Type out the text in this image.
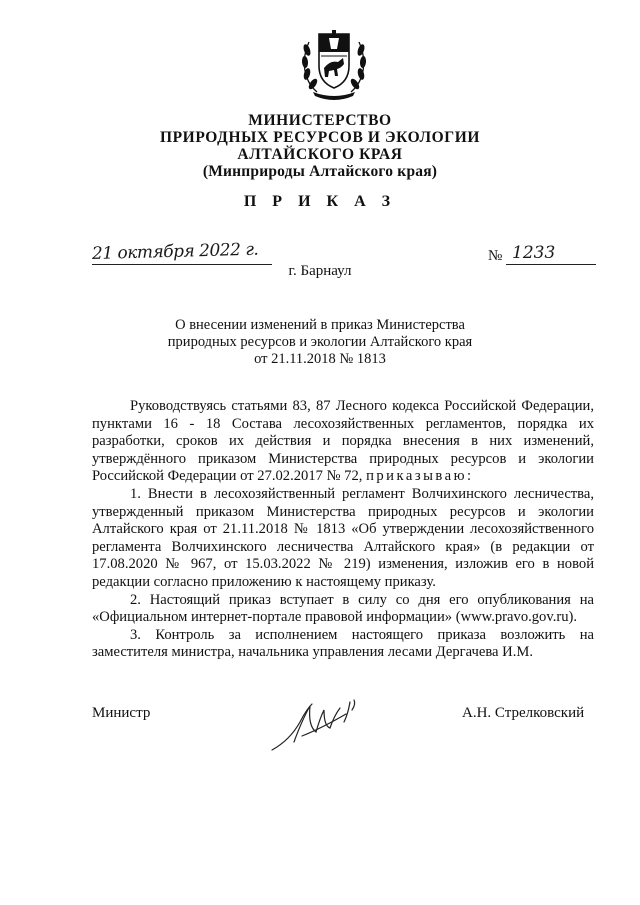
МИНИСТЕРСТВО
ПРИРОДНЫХ РЕСУРСОВ И ЭКОЛОГИИ
АЛТАЙСКОГО КРАЯ
(Минприроды Алтайского края)
П Р И К А З
21 октября 2022 г.	№ 1233
г. Барнаул
О внесении изменений в приказ Министерства
природных ресурсов и экологии Алтайского края
от 21.11.2018 № 1813

Руководствуясь статьями 83, 87 Лесного кодекса Российской Федерации, пунктами 16 - 18 Состава лесохозяйственных регламентов, порядка их разработки, сроков их действия и порядка внесения в них изменений, утверждённого приказом Министерства природных ресурсов и экологии Российской Федерации от 27.02.2017 № 72, приказываю:

1. Внести в лесохозяйственный регламент Волчихинского лесничества, утвержденный приказом Министерства природных ресурсов и экологии Алтайского края от 21.11.2018 № 1813 «Об утверждении лесохозяйственного регламента Волчихинского лесничества Алтайского края» (в редакции от 17.08.2020 № 967, от 15.03.2022 № 219) изменения, изложив его в новой редакции согласно приложению к настоящему приказу.

2. Настоящий приказ вступает в силу со дня его опубликования на «Официальном интернет-портале правовой информации» (www.pravo.gov.ru).

3. Контроль за исполнением настоящего приказа возложить на заместителя министра, начальника управления лесами Дергачева И.М.

Министр	А.Н. Стрелковский
